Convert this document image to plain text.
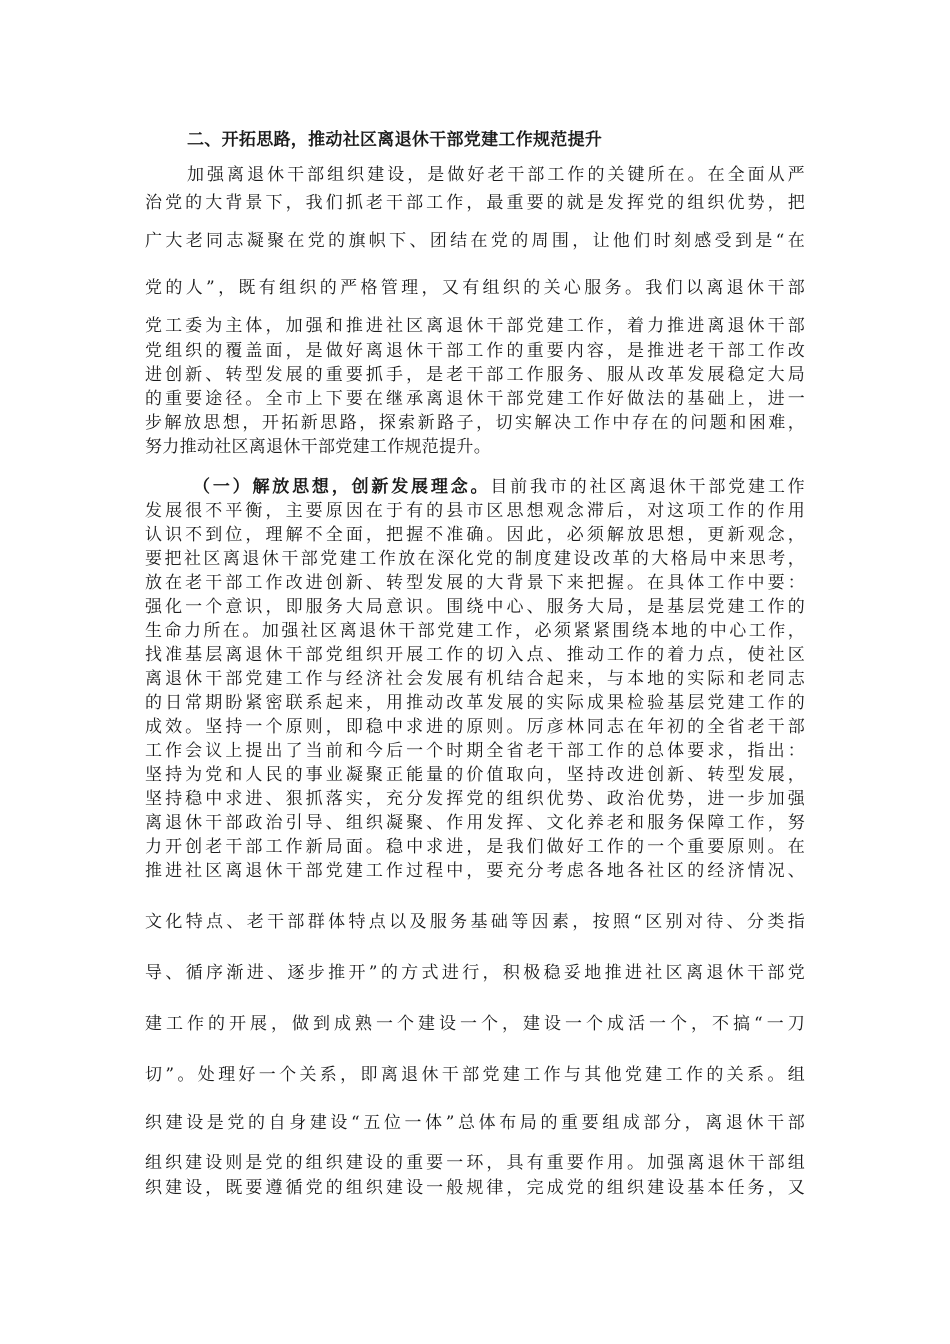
二、开拓思路，推动社区离退休干部党建工作规范提升
加强离退休干部组织建设，是做好老干部工作的关键所在。在全面从严
治党的大背景下，我们抓老干部工作，最重要的就是发挥党的组织优势，把
广大老同志凝聚在党的旗帜下、团结在党的周围，让他们时刻感受到是“在
党的人”，既有组织的严格管理，又有组织的关心服务。我们以离退休干部
党工委为主体，加强和推进社区离退休干部党建工作，着力推进离退休干部
党组织的覆盖面，是做好离退休干部工作的重要内容，是推进老干部工作改
进创新、转型发展的重要抓手，是老干部工作服务、服从改革发展稳定大局
的重要途径。全市上下要在继承离退休干部党建工作好做法的基础上，进一
步解放思想，开拓新思路，探索新路子，切实解决工作中存在的问题和困难，
努力推动社区离退休干部党建工作规范提升。
（一）解放思想，创新发展理念。目前我市的社区离退休干部党建工作
发展很不平衡，主要原因在于有的县市区思想观念滞后，对这项工作的作用
认识不到位，理解不全面，把握不准确。因此，必须解放思想，更新观念，
要把社区离退休干部党建工作放在深化党的制度建设改革的大格局中来思考，
放在老干部工作改进创新、转型发展的大背景下来把握。在具体工作中要：
强化一个意识，即服务大局意识。围绕中心、服务大局，是基层党建工作的
生命力所在。加强社区离退休干部党建工作，必须紧紧围绕本地的中心工作，
找准基层离退休干部党组织开展工作的切入点、推动工作的着力点，使社区
离退休干部党建工作与经济社会发展有机结合起来，与本地的实际和老同志
的日常期盼紧密联系起来，用推动改革发展的实际成果检验基层党建工作的
成效。坚持一个原则，即稳中求进的原则。厉彦林同志在年初的全省老干部
工作会议上提出了当前和今后一个时期全省老干部工作的总体要求，指出：
坚持为党和人民的事业凝聚正能量的价值取向，坚持改进创新、转型发展，
坚持稳中求进、狠抓落实，充分发挥党的组织优势、政治优势，进一步加强
离退休干部政治引导、组织凝聚、作用发挥、文化养老和服务保障工作，努
力开创老干部工作新局面。稳中求进，是我们做好工作的一个重要原则。在
推进社区离退休干部党建工作过程中，要充分考虑各地各社区的经济情况、
文化特点、老干部群体特点以及服务基础等因素，按照“区别对待、分类指
导、循序渐进、逐步推开”的方式进行，积极稳妥地推进社区离退休干部党
建工作的开展，做到成熟一个建设一个，建设一个成活一个，不搞“一刀
切”。处理好一个关系，即离退休干部党建工作与其他党建工作的关系。组
织建设是党的自身建设“五位一体”总体布局的重要组成部分，离退休干部
组织建设则是党的组织建设的重要一环，具有重要作用。加强离退休干部组
织建设，既要遵循党的组织建设一般规律，完成党的组织建设基本任务，又
